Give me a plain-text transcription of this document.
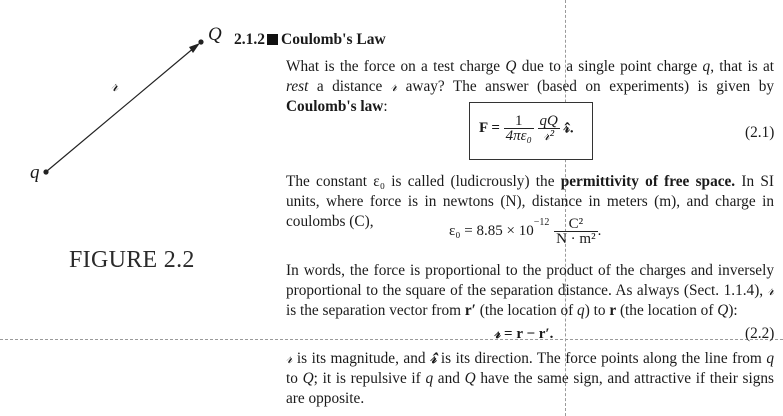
q
Q
𝓇
FIGURE 2.2
2.1.2 Coulomb's Law
What is the force on a test charge Q due to a single point charge q, that is at rest a distance 𝓇 away? The answer (based on experiments) is given by Coulomb's law:
$F = \frac{1}{\text{4πε₀}}$
$\frac{qQ}{\text{𝓇²}}$ 𝓇̂.	(2.1)
The constant ε₀ is called (ludicrously) the permittivity of free space. In SI units, where force is in newtons (N), distance in meters (m), and charge in coulombs (C),
$\varepsilon_0 = 8.85 \times 10^{-12} \frac{\text{C²}}{\text{N · m²}}$ .
In words, the force is proportional to the product of the charges and inversely proportional to the square of the separation distance. As always (Sect. 1.1.4), 𝓇 is the separation vector from r′ (the location of q) to r (the location of Q):
𝓇 = r − r′.	(2.2)
𝓇 is its magnitude, and 𝓇̂ is its direction. The force points along the line from q to Q; it is repulsive if q and Q have the same sign, and attractive if their signs are opposite.
